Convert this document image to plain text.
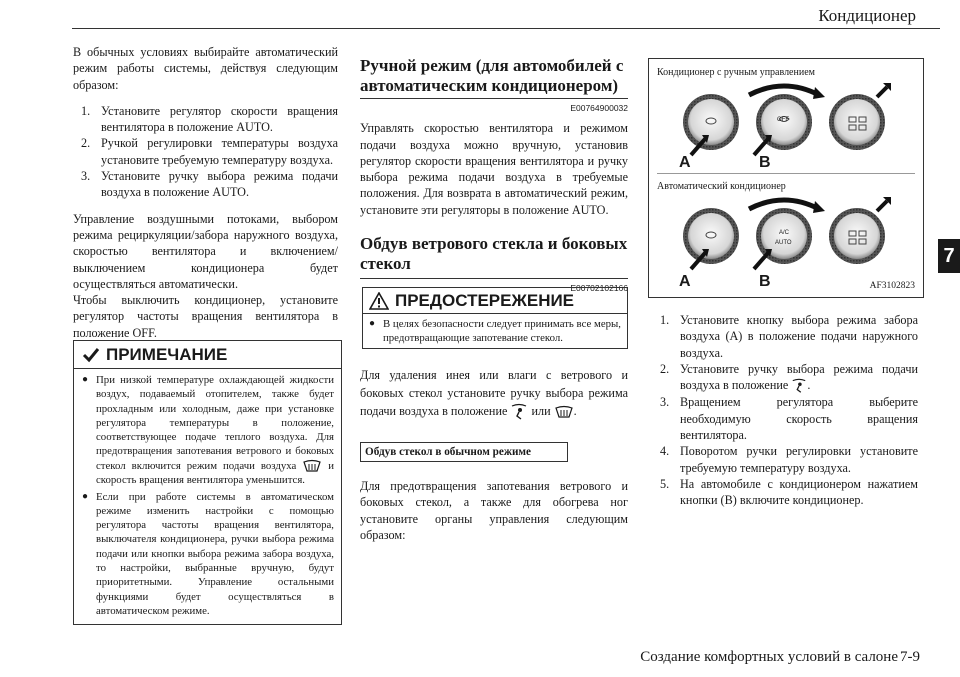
Кондиционер
7

В обычных условиях выбирайте автоматический режим работы системы, действуя следующим образом:

1. Установите регулятор скорости вращения вентилятора в положение AUTO.
2. Ручкой регулировки температуры воздуха установите требуемую температуру воздуха.
3. Установите ручку выбора режима подачи воздуха в положение AUTO.

Управление воздушными потоками, выбором режима рециркуляции/забора наружного воздуха, скоростью вентилятора и включением/выключением кондиционера будет осуществляться автоматически.

Чтобы выключить кондиционер, установите регулятор частоты вращения вентилятора в положение OFF.

ПРИМЕЧАНИЕ
● При низкой температуре охлаждающей жидкости воздух, подаваемый отопителем, также будет прохладным или холодным, даже при установке регулятора температуры в положение, соответствующее подаче теплого воздуха. Для предотвращения запотевания ветрового и боковых стекол включится режим подачи воздуха	и скорость вращения вентилятора уменьшится.
● Если при работе системы в автоматическом режиме изменить настройки с помощью регулятора частоты вращения вентилятора, выключателя кондиционера, ручки выбора режима подачи или кнопки выбора режима забора воздуха, то настройки, выбранные вручную, будут приоритетными. Управление остальными функциями будет осуществляться в автоматическом режиме.
Ручной режим (для автомобилей с автоматическим кондиционером)
E00764900032

Управлять скоростью вентилятора и режимом подачи воздуха можно вручную, установив регулятор скорости вращения вентилятора и ручку выбора режима подачи воздуха в требуемые положения. Для возврата в автоматический режим, установите эти регуляторы в положение AUTO.

Обдув ветрового стекла и боковых стекол
E00702102166
ПРЕДОСТЕРЕЖЕНИЕ
● В целях безопасности следует принимать все меры, предотвращающие запотевание стекол.

Для удаления инея или влаги с ветрового и боковых стекол установите ручку выбора режима подачи воздуха в положение или .

Обдув стекол в обычном режиме

Для предотвращения запотевания ветрового и боковых стекол, а также для обогрева ног установите органы управления следующим образом:

Кондиционер с ручным управлением
Автоматический кондиционер
OFF
AUTO
A/C
A	B
A	B	AF3102823
1. Установите кнопку выбора режима забора воздуха (A) в положение подачи наружного воздуха.
2. Установите ручку выбора режима подачи воздуха в положение .
3. Вращением регулятора выберите необходимую скорость вращения вентилятора.
4. Поворотом ручки регулировки установите требуемую температуру воздуха.
5. На автомобиле с кондиционером нажатием кнопки (B) включите кондиционер.
Создание комфортных условий в салоне 7-9
